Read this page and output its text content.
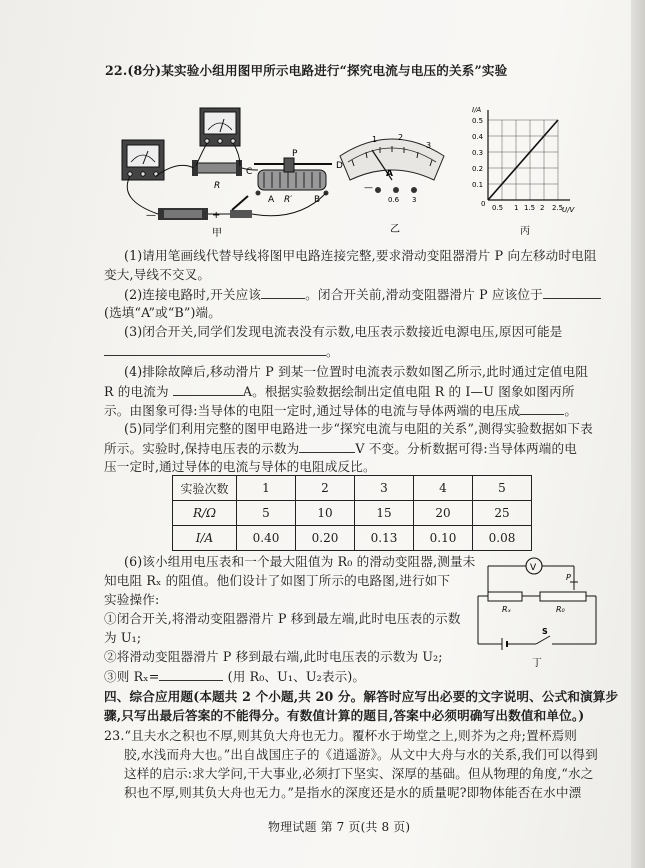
22.(8分)某实验小组用图甲所示电路进行“探究电流与电压的关系”实验
R
C
D
P
A R′ B
—	+
甲
1	2
3
A
—
0.6 3
乙
I/A
U/V
0.5
0.4
0.3
0.2
0.1
0 0.5 1 1.5 2 2.5
丙
(1)请用笔画线代替导线将图甲电路连接完整,要求滑动变阻器滑片 P 向左移动时电阻
变大,导线不交叉。
(2)连接电路时,开关应该	。闭合开关前,滑动变阻器滑片 P 应该位于
(选填“A”或“B”)端。
(3)闭合开关,同学们发现电流表没有示数,电压表示数接近电源电压,原因可能是
。
(4)排除故障后,移动滑片 P 到某一位置时电流表示数如图乙所示,此时通过定值电阻
R 的电流为	A。根据实验数据绘制出定值电阻 R 的 I—U 图象如图丙所
示。由图象可得:当导体的电阻一定时,通过导体的电流与导体两端的电压成	。
(5)同学们利用完整的图甲电路进一步“探究电流与电阻的关系”,测得实验数据如下表
所示。实验时,保持电压表的示数为	V 不变。分析数据可得:当导体两端的电
压一定时,通过导体的电流与导体的电阻成反比。
实验次数	1	2	3	4	5
R/Ω	5	10	15	20	25
I/A	0.40	0.20	0.13	0.10	0.08
(6)该小组用电压表和一个最大阻值为 R₀ 的滑动变阻器,测量未
知电阻 Rₓ 的阻值。他们设计了如图丁所示的电路图,进行如下
实验操作:
①闭合开关,将滑动变阻器滑片 P 移到最左端,此时电压表的示数
为 U₁;
②将滑动变阻器滑片 P 移到最右端,此时电压表的示数为 U₂;
③则 Rₓ=	(用 R₀、U₁、U₂表示)。
V
P
Rₓ	R₀
S
丁
四、综合应用题(本题共 2 个小题,共 20 分。解答时应写出必要的文字说明、公式和演算步
骤,只写出最后答案的不能得分。有数值计算的题目,答案中必须明确写出数值和单位。)
23.“且夫水之积也不厚,则其负大舟也无力。覆杯水于坳堂之上,则芥为之舟;置杯焉则
胶,水浅而舟大也。”出自战国庄子的《逍遥游》。从文中大舟与水的关系,我们可以得到
这样的启示:求大学问,干大事业,必须打下坚实、深厚的基础。但从物理的角度,“水之
积也不厚,则其负大舟也无力。”是指水的深度还是水的质量呢?即物体能否在水中漂
物理试题 第 7 页(共 8 页)
